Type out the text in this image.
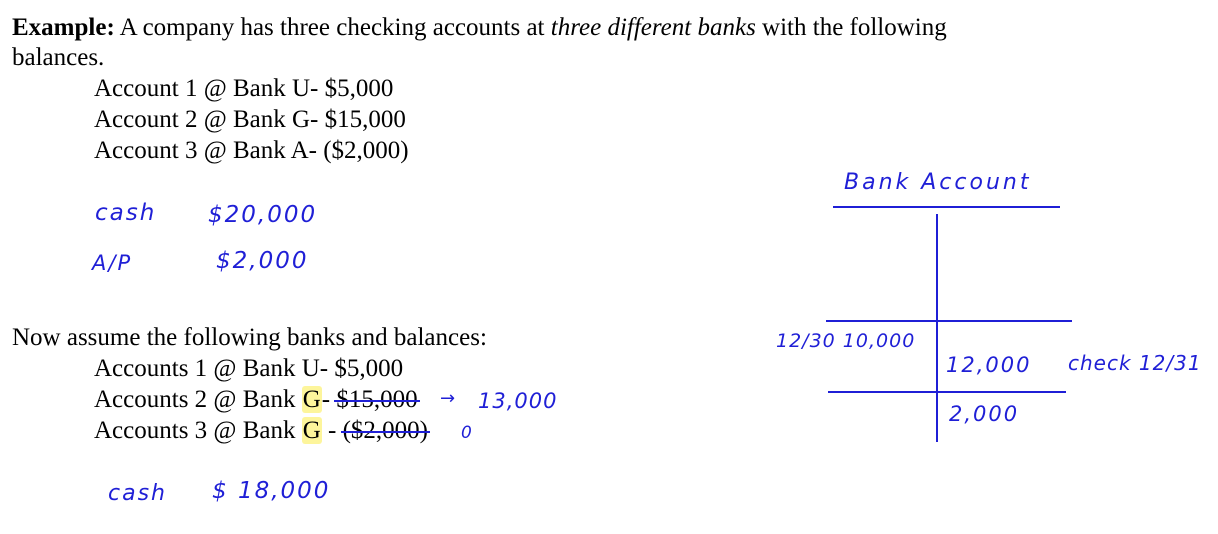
Example: A company has three checking accounts at three different banks with the following
balances.
Account 1 @ Bank U- $5,000
Account 2 @ Bank G- $15,000
Account 3 @ Bank A- ($2,000)
cash $20,000
A/P	$2,000
Now assume the following banks and balances:
Accounts 1 @ Bank U- $5,000
Accounts 2 @ Bank G- $15,000 → 13,000
Accounts 3 @ Bank G - ($2,000) 0
cash $ 18,000
Bank Account
12/30 10,000
12,000 check 12/31
2,000
